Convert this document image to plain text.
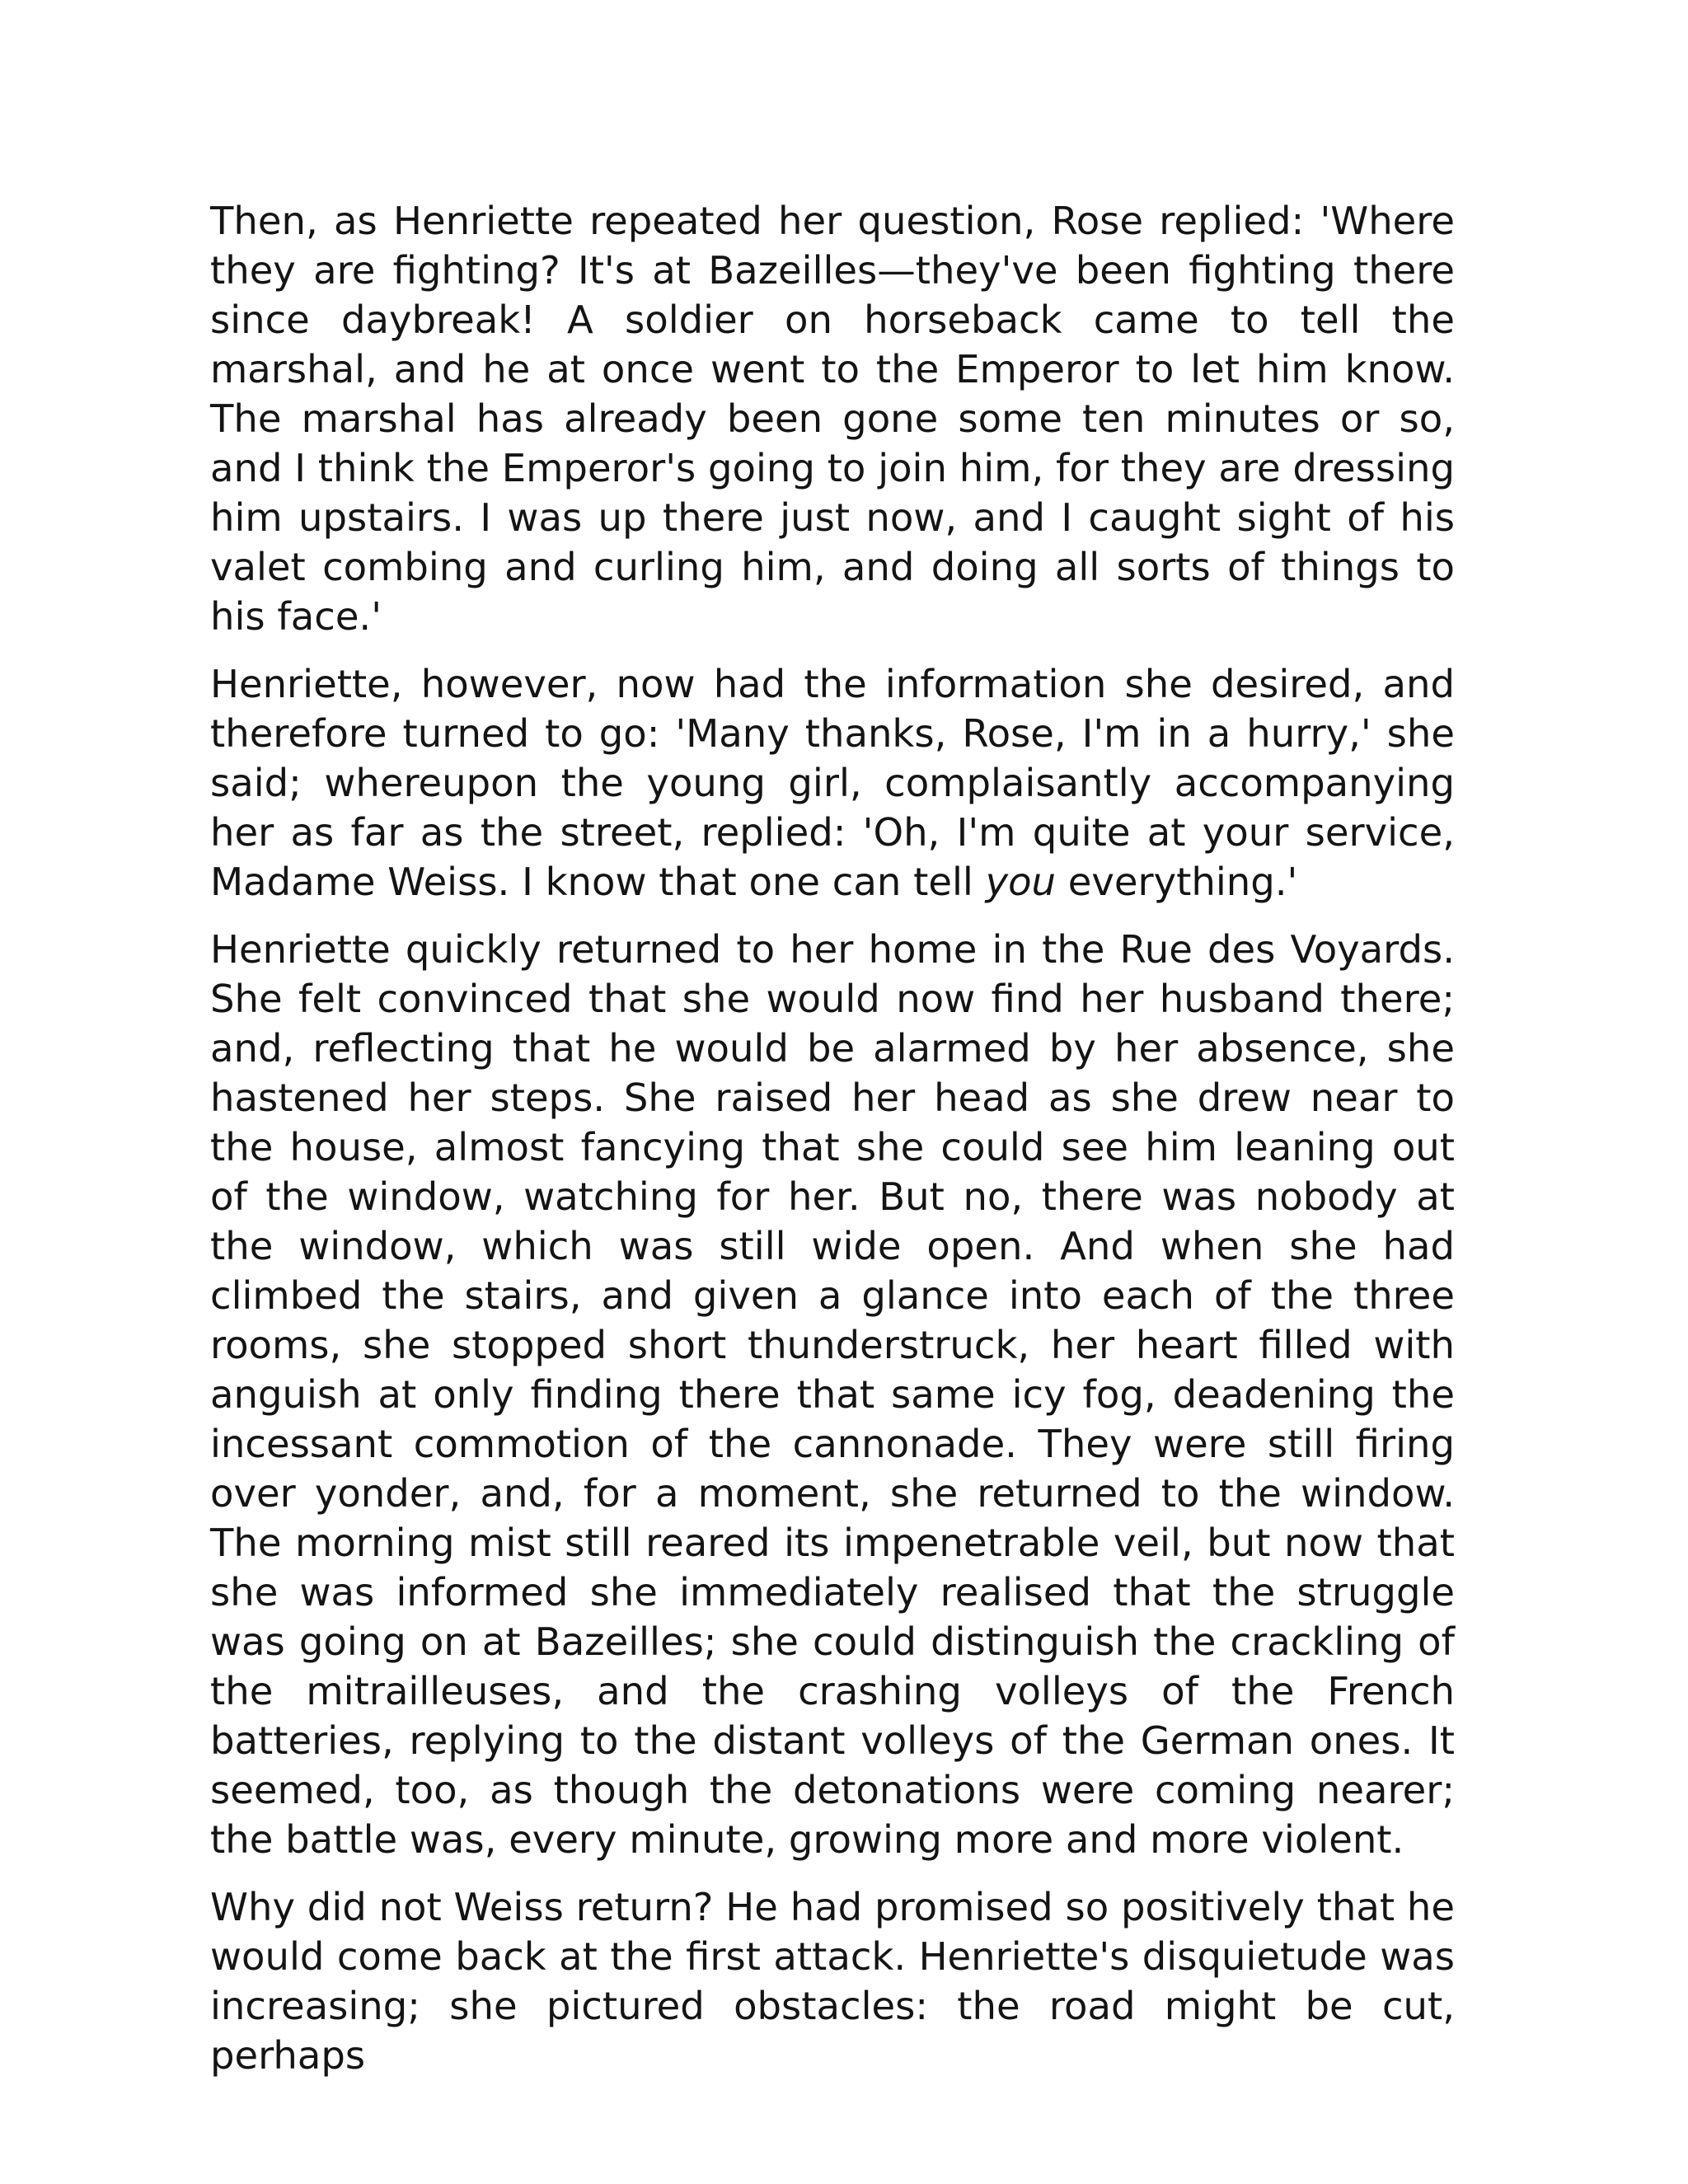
Then, as Henriette repeated her question, Rose replied: 'Where they are fighting? It's at Bazeilles—they've been fighting there since daybreak! A soldier on horseback came to tell the marshal, and he at once went to the Emperor to let him know. The marshal has already been gone some ten minutes or so, and I think the Emperor's going to join him, for they are dressing him upstairs. I was up there just now, and I caught sight of his valet combing and curling him, and doing all sorts of things to his face.'

Henriette, however, now had the information she desired, and therefore turned to go: 'Many thanks, Rose, I'm in a hurry,' she said; whereupon the young girl, complaisantly accompanying her as far as the street, replied: 'Oh, I'm quite at your service, Madame Weiss. I know that one can tell you everything.'

Henriette quickly returned to her home in the Rue des Voyards. She felt convinced that she would now find her husband there; and, reflecting that he would be alarmed by her absence, she hastened her steps. She raised her head as she drew near to the house, almost fancying that she could see him leaning out of the window, watching for her. But no, there was nobody at the window, which was still wide open. And when she had climbed the stairs, and given a glance into each of the three rooms, she stopped short thunderstruck, her heart filled with anguish at only finding there that same icy fog, deadening the incessant commotion of the cannonade. They were still firing over yonder, and, for a moment, she returned to the window. The morning mist still reared its impenetrable veil, but now that she was informed she immediately realised that the struggle was going on at Bazeilles; she could distinguish the crackling of the mitrailleuses, and the crashing volleys of the French batteries, replying to the distant volleys of the German ones. It seemed, too, as though the detonations were coming nearer; the battle was, every minute, growing more and more violent.

Why did not Weiss return? He had promised so positively that he would come back at the first attack. Henriette's disquietude was increasing; she pictured obstacles: the road might be cut, perhaps
